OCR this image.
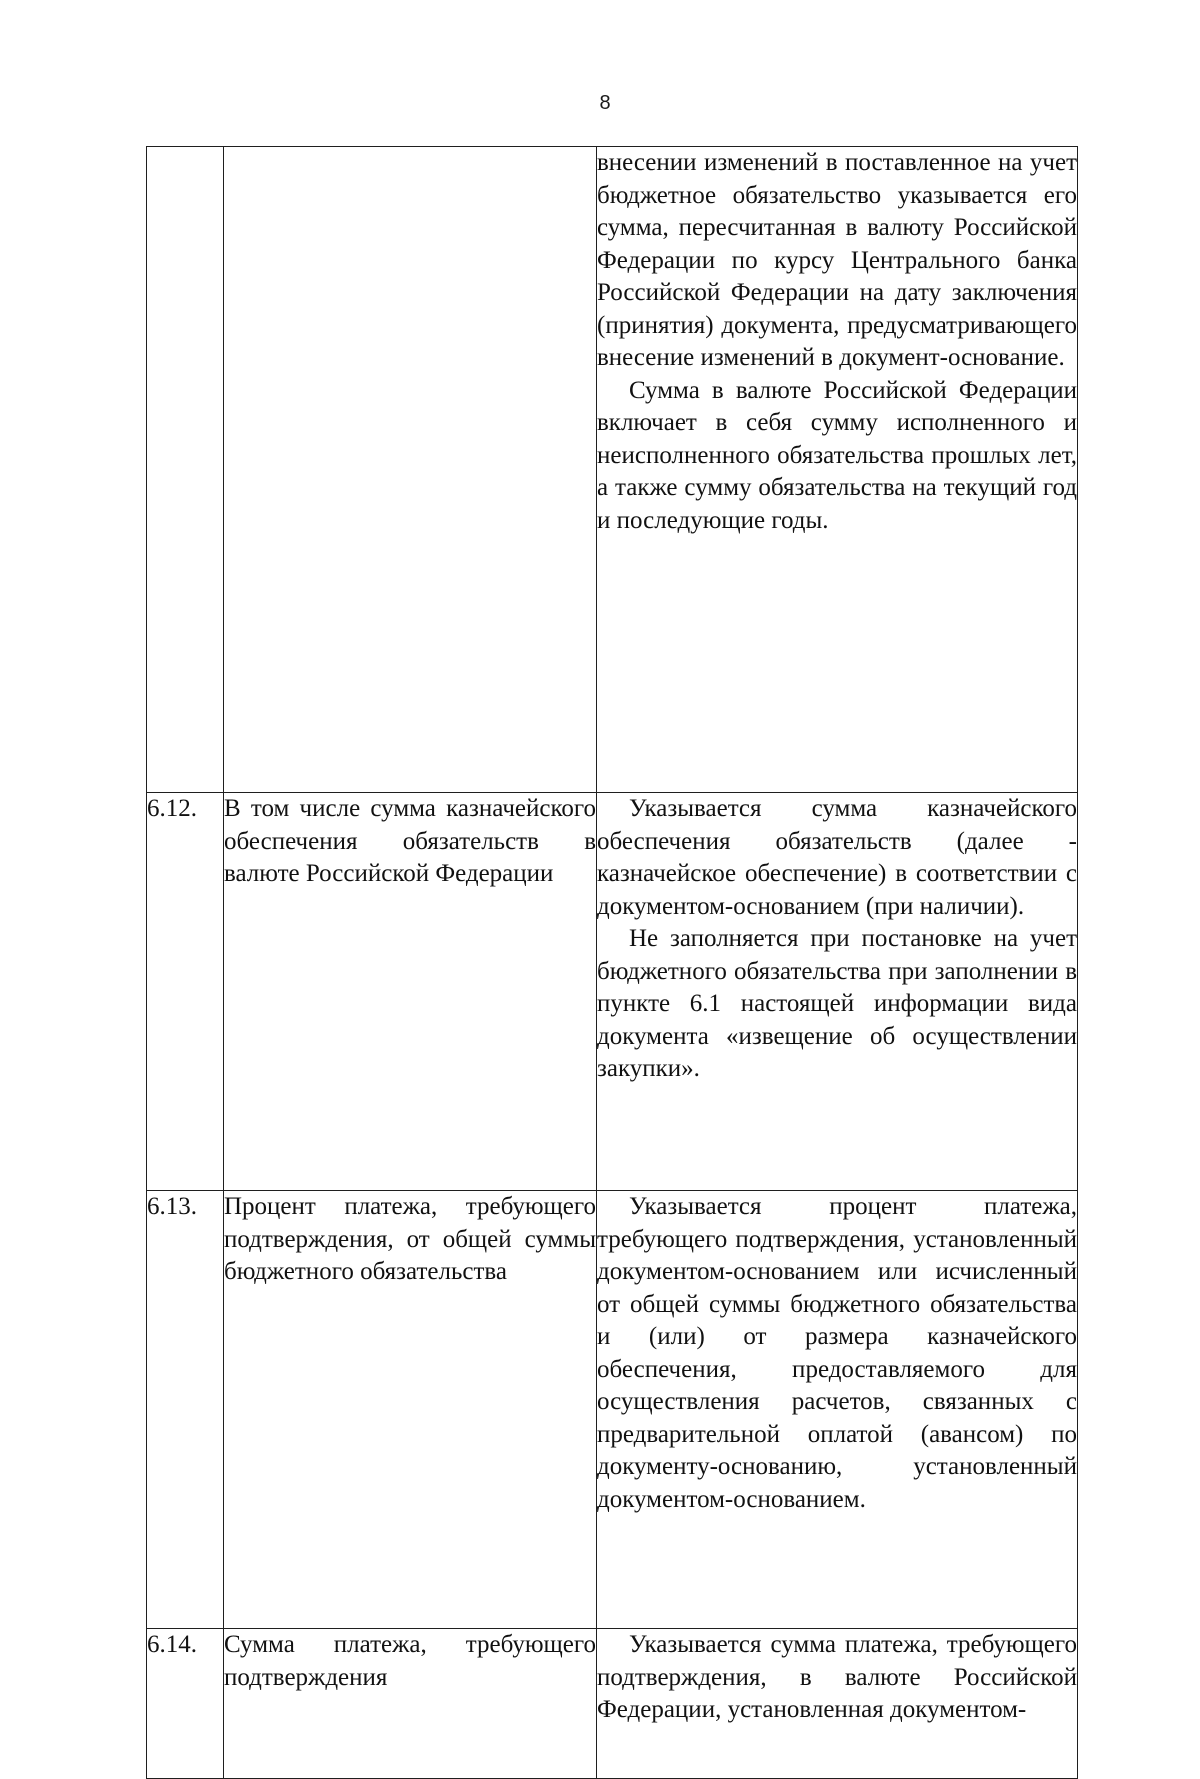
8

		внесении изменений в поставленное на учет бюджетное обязательство указывается его сумма, пересчитанная в валюту Российской Федерации по курсу Центрального банка Российской Федерации на дату заключения (принятия) документа, предусматривающего внесение изменений в документ-основание.

Сумма в валюте Российской Федерации включает в себя сумму исполненного и неисполненного обязательства прошлых лет, а также сумму обязательства на текущий год и последующие годы.

6.12.	В том числе сумма казначейского обеспечения обязательств в валюте Российской Федерации	Указывается сумма казначейского обеспечения обязательств (далее - казначейское обеспечение) в соответствии с документом-основанием (при наличии).

Не заполняется при постановке на учет бюджетного обязательства при заполнении в пункте 6.1 настоящей информации вида документа «извещение об осуществлении закупки».

6.13.	Процент платежа, требующего подтверждения, от общей суммы бюджетного обязательства	Указывается процент платежа, требующего подтверждения, установленный документом-основанием или исчисленный от общей суммы бюджетного обязательства и (или) от размера казначейского обеспечения, предоставляемого для осуществления расчетов, связанных с предварительной оплатой (авансом) по документу-основанию, установленный документом-основанием.

6.14.	Сумма платежа, требующего подтверждения	Указывается сумма платежа, требующего подтверждения, в валюте Российской Федерации, установленная документом-
